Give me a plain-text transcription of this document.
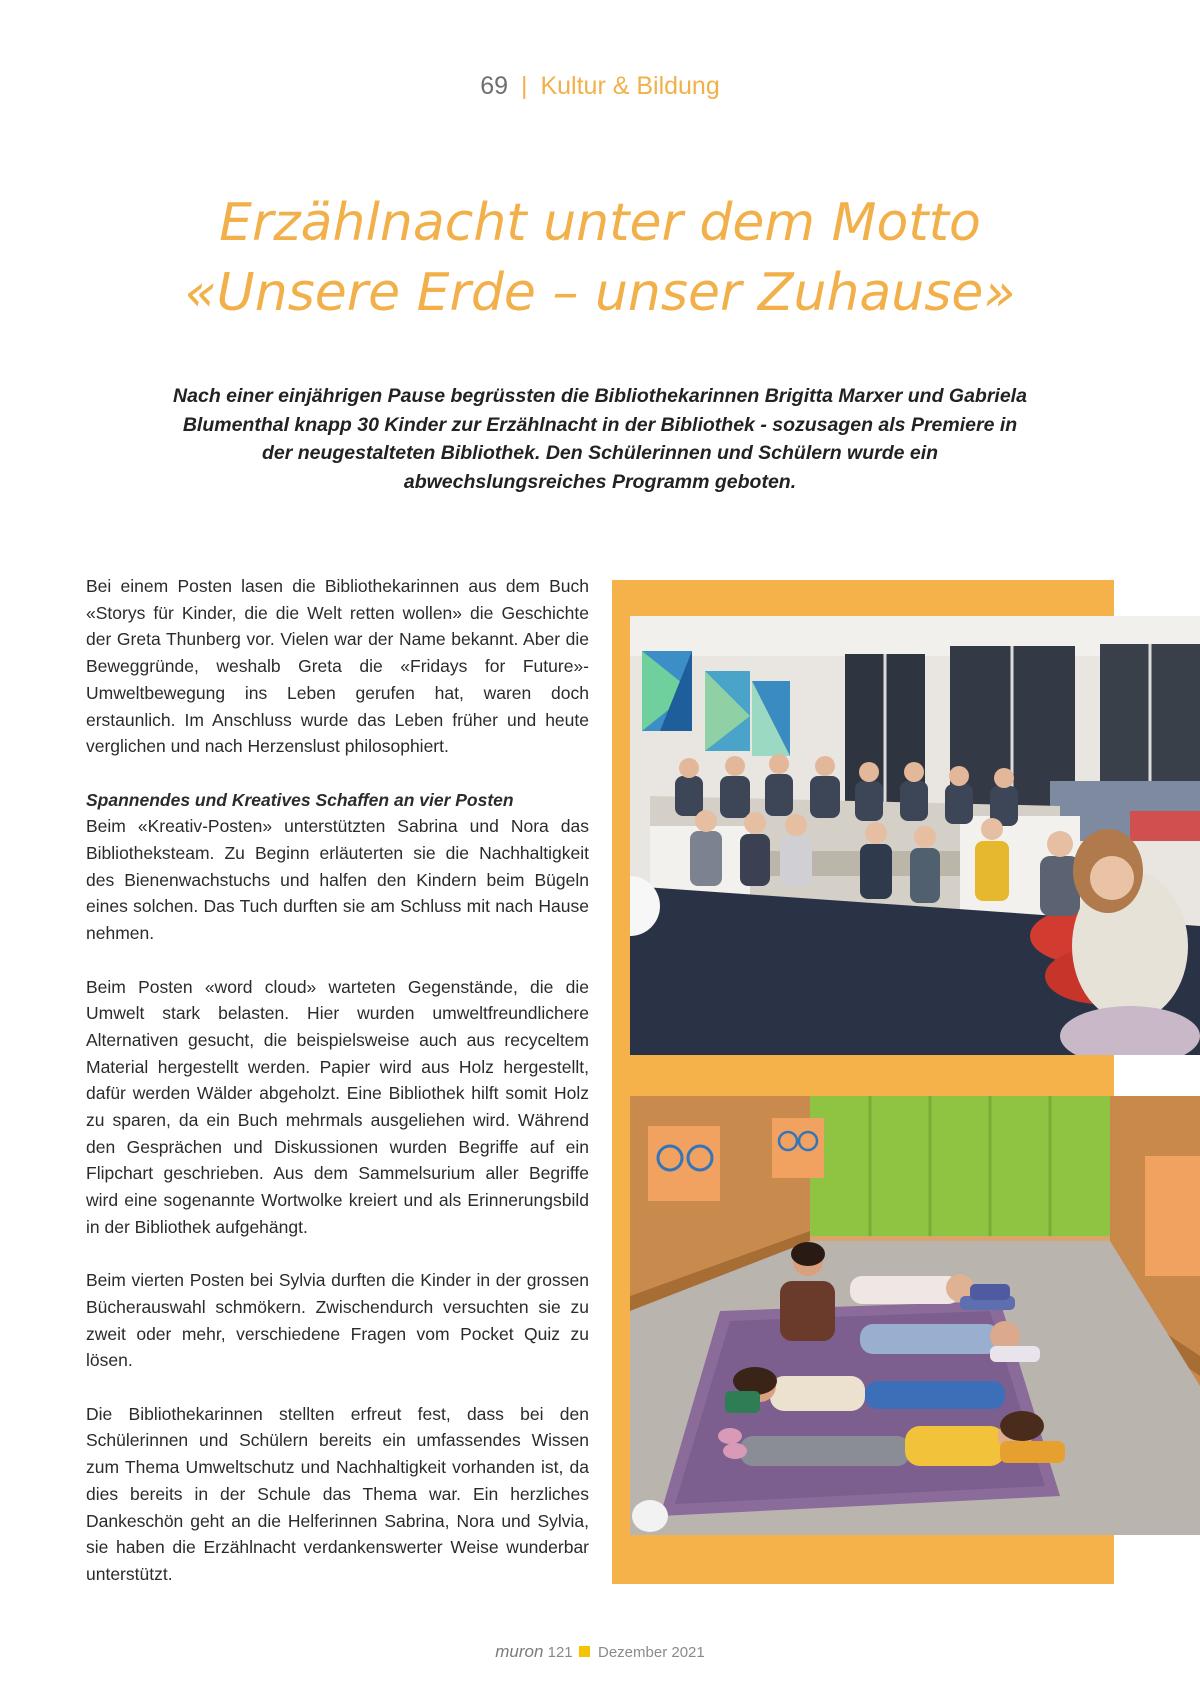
69 | Kultur & Bildung
Erzählnacht unter dem Motto
«Unsere Erde – unser Zuhause»

Nach einer einjährigen Pause begrüssten die Bibliothekarinnen Brigitta Marxer und Gabriela Blumenthal knapp 30 Kinder zur Erzählnacht in der Bibliothek - sozusagen als Premiere in der neugestalteten Bibliothek. Den Schülerinnen und Schülern wurde ein abwechslungsreiches Programm geboten.

Bei einem Posten lasen die Bibliothekarinnen aus dem Buch «Storys für Kinder, die die Welt retten wollen» die Geschichte der Greta Thunberg vor. Vielen war der Name bekannt. Aber die Beweggründe, weshalb Greta die «Fridays for Future»-Umweltbewegung ins Leben gerufen hat, waren doch erstaunlich. Im Anschluss wurde das Leben früher und heute verglichen und nach Herzenslust philosophiert.

Spannendes und Kreatives Schaffen an vier Posten
Beim «Kreativ-Posten» unterstützten Sabrina und Nora das Bibliotheksteam. Zu Beginn erläuterten sie die Nachhaltigkeit des Bienenwachstuchs und halfen den Kindern beim Bügeln eines solchen. Das Tuch durften sie am Schluss mit nach Hause nehmen.

Beim Posten «word cloud» warteten Gegenstände, die die Umwelt stark belasten. Hier wurden umweltfreundlichere Alternativen gesucht, die beispielsweise auch aus recyceltem Material hergestellt werden. Papier wird aus Holz hergestellt, dafür werden Wälder abgeholzt. Eine Bibliothek hilft somit Holz zu sparen, da ein Buch mehrmals ausgeliehen wird. Während den Gesprächen und Diskussionen wurden Begriffe auf ein Flipchart geschrieben. Aus dem Sammelsurium aller Begriffe wird eine sogenannte Wortwolke kreiert und als Erinnerungsbild in der Bibliothek aufgehängt.

Beim vierten Posten bei Sylvia durften die Kinder in der grossen Bücherauswahl schmökern. Zwischendurch versuchten sie zu zweit oder mehr, verschiedene Fragen vom Pocket Quiz zu lösen.

Die Bibliothekarinnen stellten erfreut fest, dass bei den Schülerinnen und Schülern bereits ein umfassendes Wissen zum Thema Umweltschutz und Nachhaltigkeit vorhanden ist, da dies bereits in der Schule das Thema war. Ein herzliches Dankeschön geht an die Helferinnen Sabrina, Nora und Sylvia, sie haben die Erzählnacht verdankenswerter Weise wunderbar unterstützt.

muron 121 Dezember 2021
